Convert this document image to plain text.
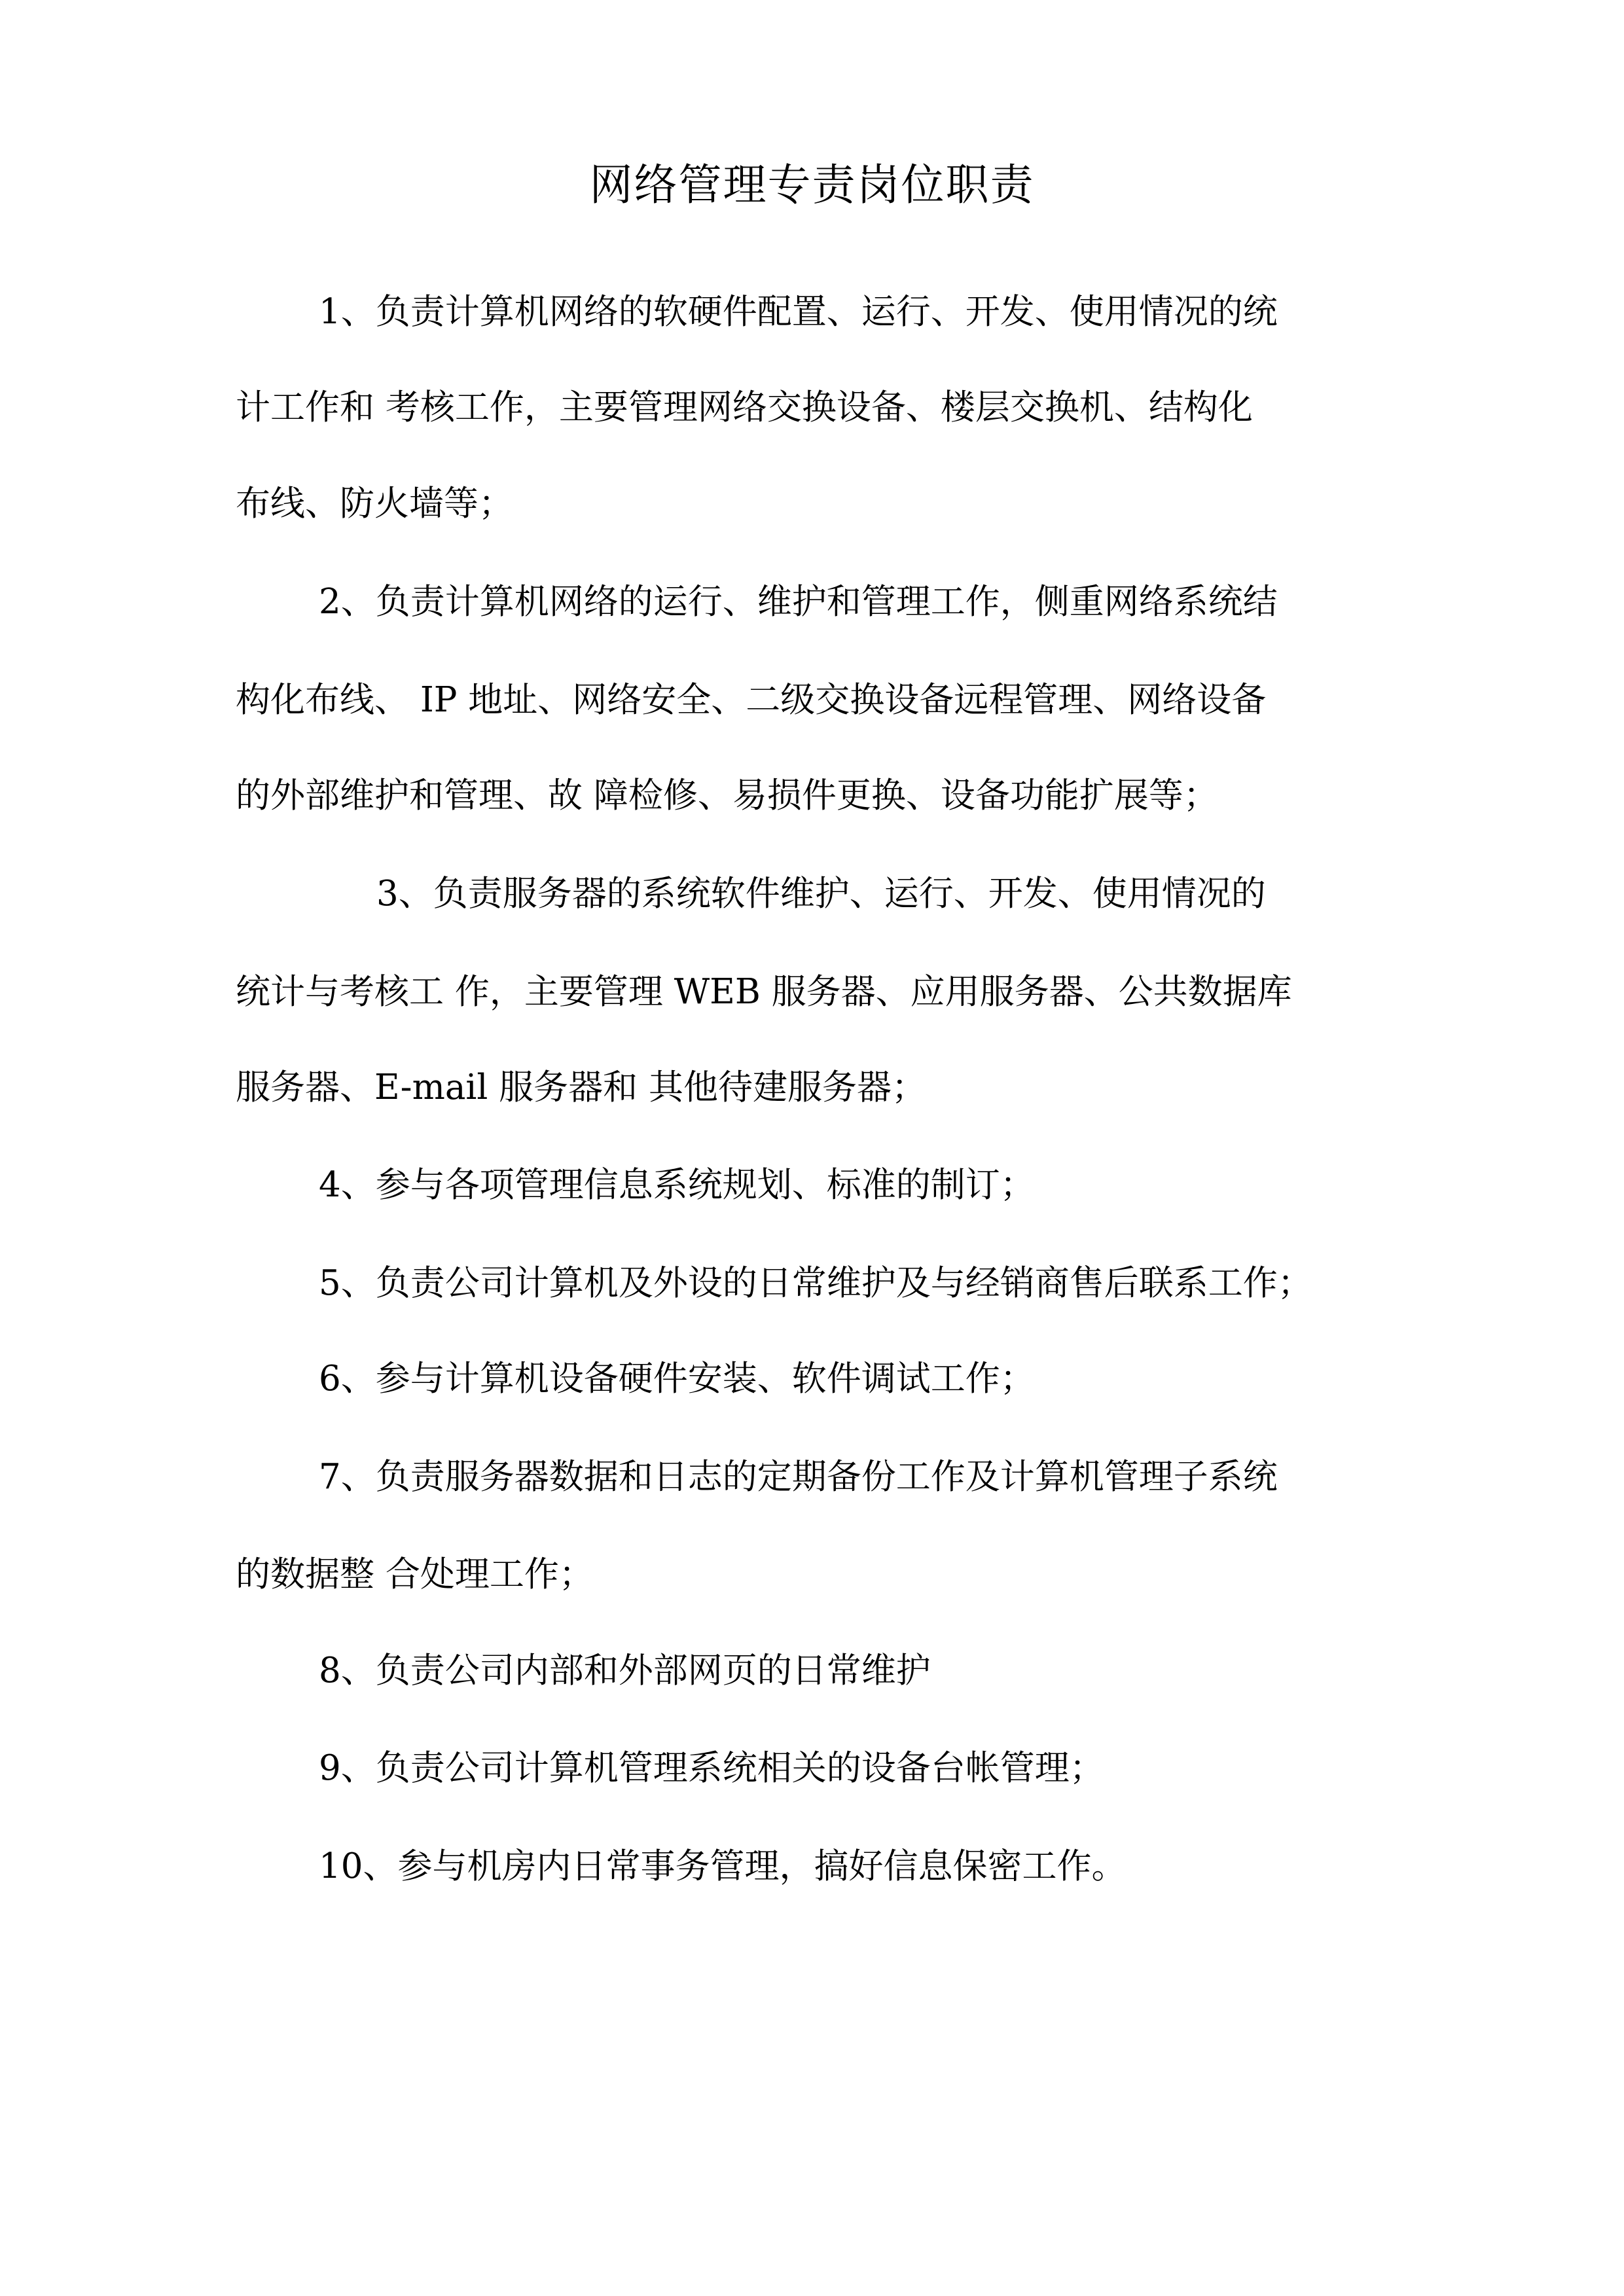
网络管理专责岗位职责
1、负责计算机网络的软硬件配置、运行、开发、使用情况的统
计工作和 考核工作，主要管理网络交换设备、楼层交换机、结构化
布线、防火墙等；
2、负责计算机网络的运行、维护和管理工作，侧重网络系统结
构化布线、 IP 地址、网络安全、二级交换设备远程管理、网络设备
的外部维护和管理、故 障检修、易损件更换、设备功能扩展等；
3、负责服务器的系统软件维护、运行、开发、使用情况的
统计与考核工 作，主要管理 WEB 服务器、应用服务器、公共数据库
服务器、E-mail 服务器和 其他待建服务器；
4、参与各项管理信息系统规划、标准的制订；
5、负责公司计算机及外设的日常维护及与经销商售后联系工作；
6、参与计算机设备硬件安装、软件调试工作；
7、负责服务器数据和日志的定期备份工作及计算机管理子系统
的数据整 合处理工作；
8、负责公司内部和外部网页的日常维护
9、负责公司计算机管理系统相关的设备台帐管理；
10、参与机房内日常事务管理，搞好信息保密工作。
